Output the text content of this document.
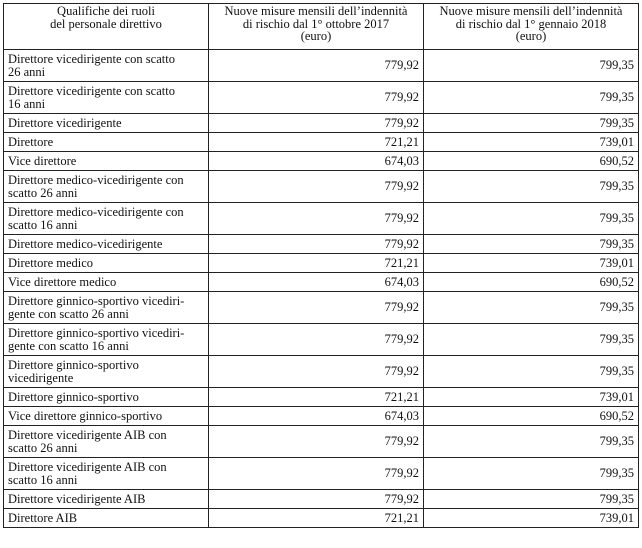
Qualifiche dei ruoli
del personale direttivo	Nuove misure mensili dell’indennità
di rischio dal 1° ottobre 2017
(euro)	Nuove misure mensili dell’indennità
di rischio dal 1° gennaio 2018
(euro)

Direttore vicedirigente con scatto
26 anni	779,92	799,35

Direttore vicedirigente con scatto
16 anni	779,92	799,35

Direttore vicedirigente	779,92	799,35

Direttore	721,21	739,01

Vice direttore	674,03	690,52

Direttore medico-vicedirigente con
scatto 26 anni	779,92	799,35

Direttore medico-vicedirigente con
scatto 16 anni	779,92	799,35

Direttore medico-vicedirigente	779,92	799,35

Direttore medico	721,21	739,01

Vice direttore medico	674,03	690,52

Direttore ginnico-sportivo vicediri-
gente con scatto 26 anni	779,92	799,35

Direttore ginnico-sportivo vicediri-
gente con scatto 16 anni	779,92	799,35

Direttore ginnico-sportivo
vicedirigente	779,92	799,35

Direttore ginnico-sportivo	721,21	739,01

Vice direttore ginnico-sportivo	674,03	690,52

Direttore vicedirigente AIB con
scatto 26 anni	779,92	799,35

Direttore vicedirigente AIB con
scatto 16 anni	779,92	799,35

Direttore vicedirigente AIB	779,92	799,35

Direttore AIB	721,21	739,01
